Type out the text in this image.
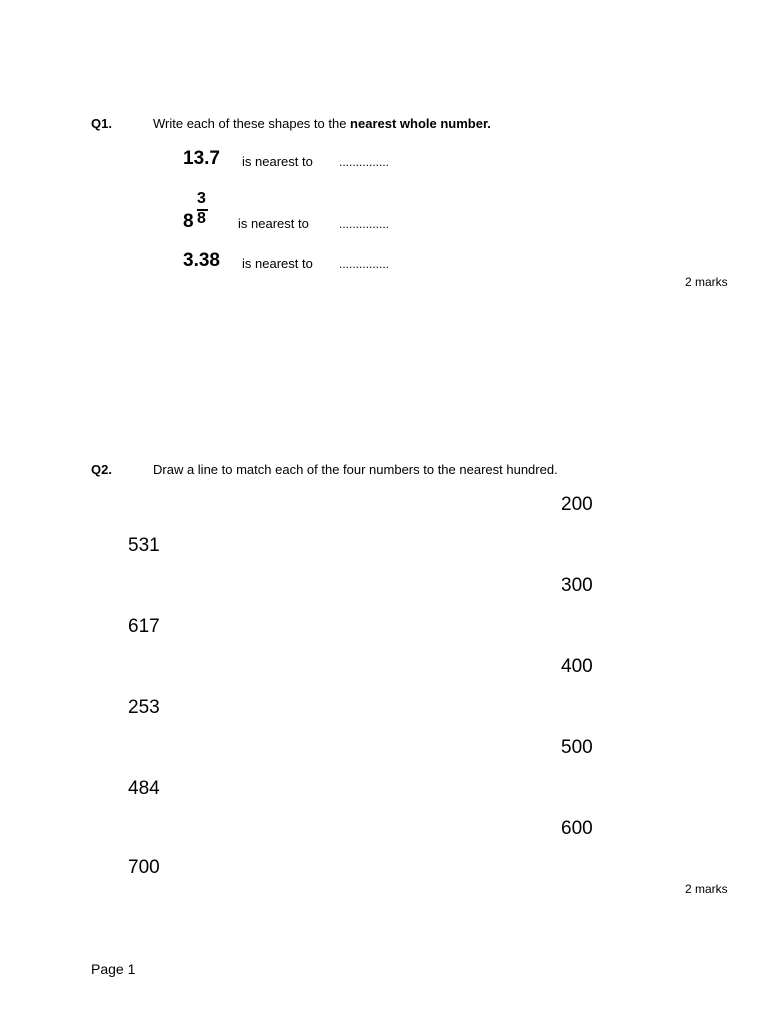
Q1.	Write each of these shapes to the nearest whole number.
13.7 is nearest to ...............
3
8
8	is nearest to	...............
3.38 is nearest to ...............
2 marks
Q2.	Draw a line to match each of the four numbers to the nearest hundred.
200
531
300
617
400
253
500
484
600
700
2 marks
Page 1
